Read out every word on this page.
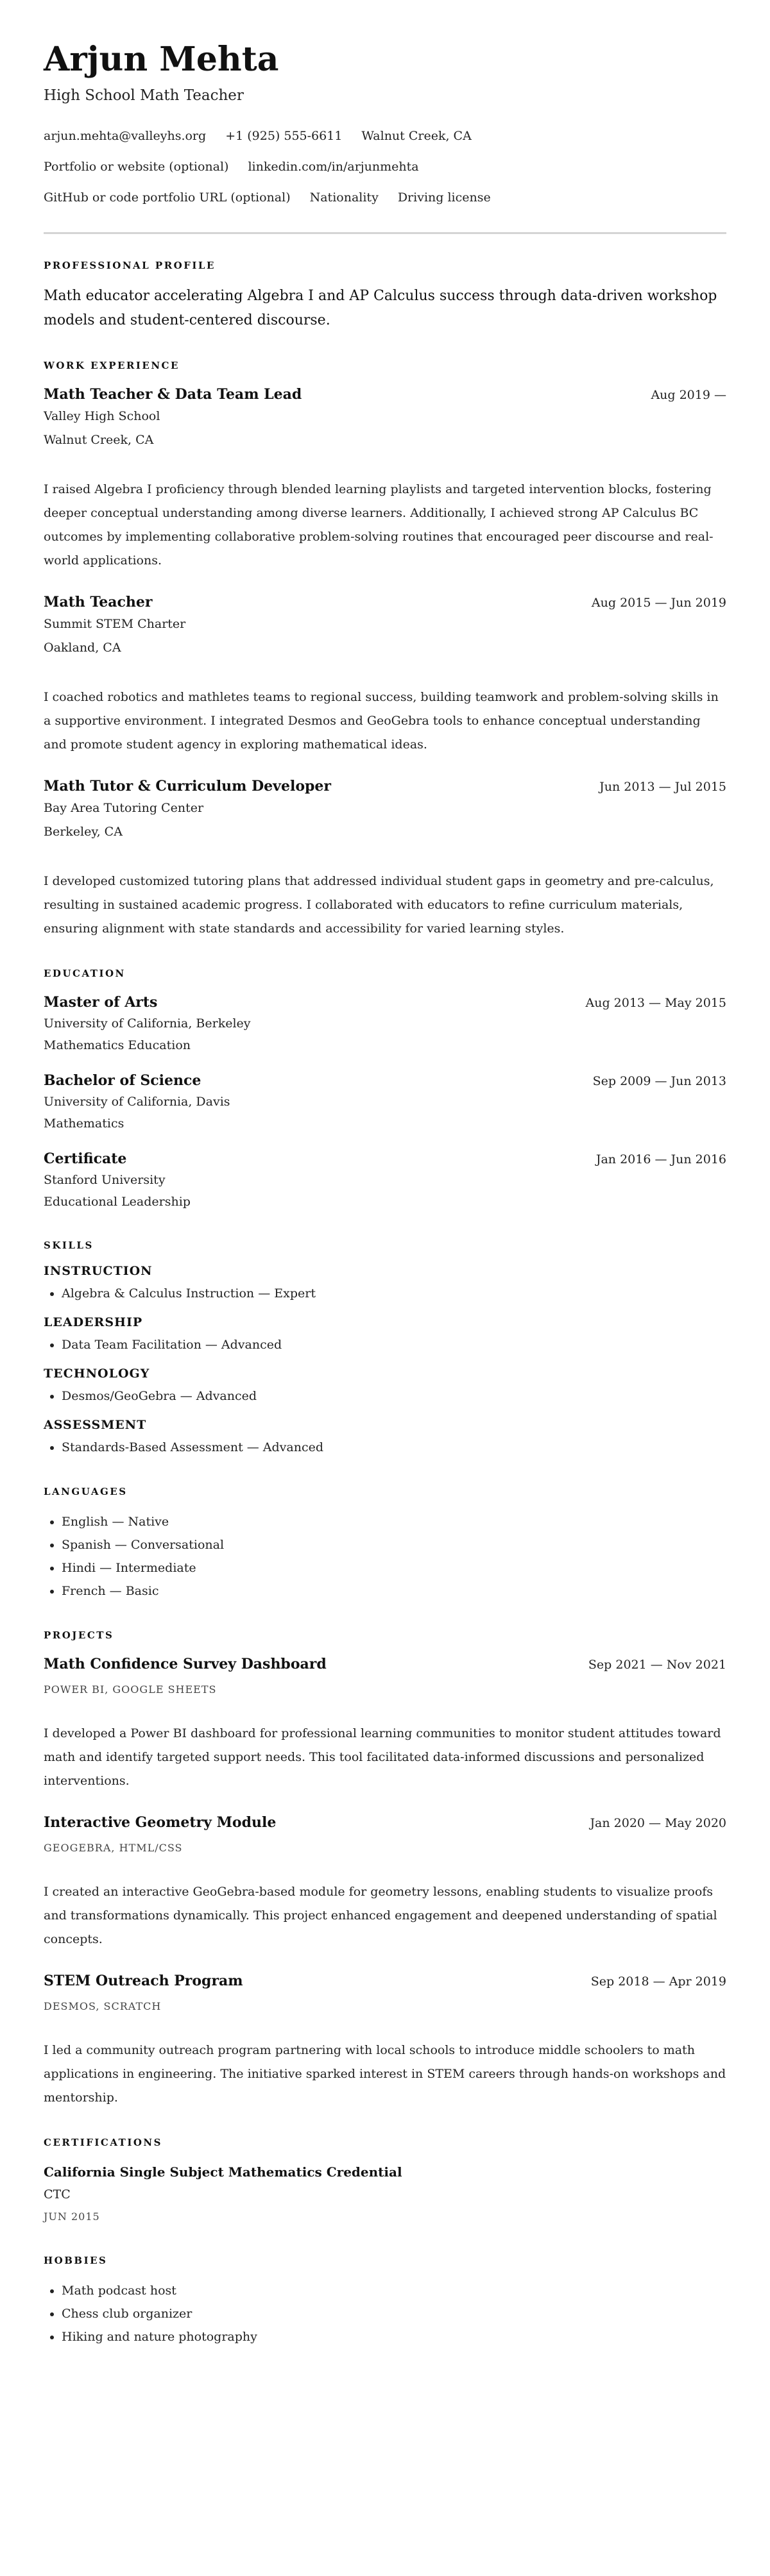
Arjun Mehta
High School Math Teacher
arjun.mehta@valleyhs.org +1 (925) 555-6611 Walnut Creek, CA
Portfolio or website (optional) linkedin.com/in/arjunmehta
GitHub or code portfolio URL (optional) Nationality Driving license
PROFESSIONAL PROFILE

Math educator accelerating Algebra I and AP Calculus success through data-driven workshop models and student-centered discourse.

WORK EXPERIENCE
Math Teacher & Data Team Lead	Aug 2019 —
Valley High School
Walnut Creek, CA

I raised Algebra I proficiency through blended learning playlists and targeted intervention blocks, fostering deeper conceptual understanding among diverse learners. Additionally, I achieved strong AP Calculus BC outcomes by implementing collaborative problem-solving routines that encouraged peer discourse and real-world applications.

Math Teacher	Aug 2015 — Jun 2019
Summit STEM Charter
Oakland, CA

I coached robotics and mathletes teams to regional success, building teamwork and problem-solving skills in a supportive environment. I integrated Desmos and GeoGebra tools to enhance conceptual understanding and promote student agency in exploring mathematical ideas.

Math Tutor & Curriculum Developer	Jun 2013 — Jul 2015
Bay Area Tutoring Center
Berkeley, CA

I developed customized tutoring plans that addressed individual student gaps in geometry and pre-calculus, resulting in sustained academic progress. I collaborated with educators to refine curriculum materials, ensuring alignment with state standards and accessibility for varied learning styles.

EDUCATION
Master of Arts	Aug 2013 — May 2015
University of California, Berkeley
Mathematics Education
Bachelor of Science	Sep 2009 — Jun 2013
University of California, Davis
Mathematics
Certificate	Jan 2016 — Jun 2016
Stanford University
Educational Leadership
SKILLS
INSTRUCTION
• Algebra & Calculus Instruction — Expert
LEADERSHIP
• Data Team Facilitation — Advanced
TECHNOLOGY
• Desmos/GeoGebra — Advanced
ASSESSMENT
• Standards-Based Assessment — Advanced
LANGUAGES
• English — Native
• Spanish — Conversational
• Hindi — Intermediate
• French — Basic
PROJECTS
Math Confidence Survey Dashboard	Sep 2021 — Nov 2021
POWER BI, GOOGLE SHEETS

I developed a Power BI dashboard for professional learning communities to monitor student attitudes toward math and identify targeted support needs. This tool facilitated data-informed discussions and personalized interventions.

Interactive Geometry Module	Jan 2020 — May 2020
GEOGEBRA, HTML/CSS

I created an interactive GeoGebra-based module for geometry lessons, enabling students to visualize proofs and transformations dynamically. This project enhanced engagement and deepened understanding of spatial concepts.

STEM Outreach Program	Sep 2018 — Apr 2019
DESMOS, SCRATCH

I led a community outreach program partnering with local schools to introduce middle schoolers to math applications in engineering. The initiative sparked interest in STEM careers through hands-on workshops and mentorship.

CERTIFICATIONS
California Single Subject Mathematics Credential
CTC
JUN 2015
HOBBIES
• Math podcast host
• Chess club organizer
• Hiking and nature photography
